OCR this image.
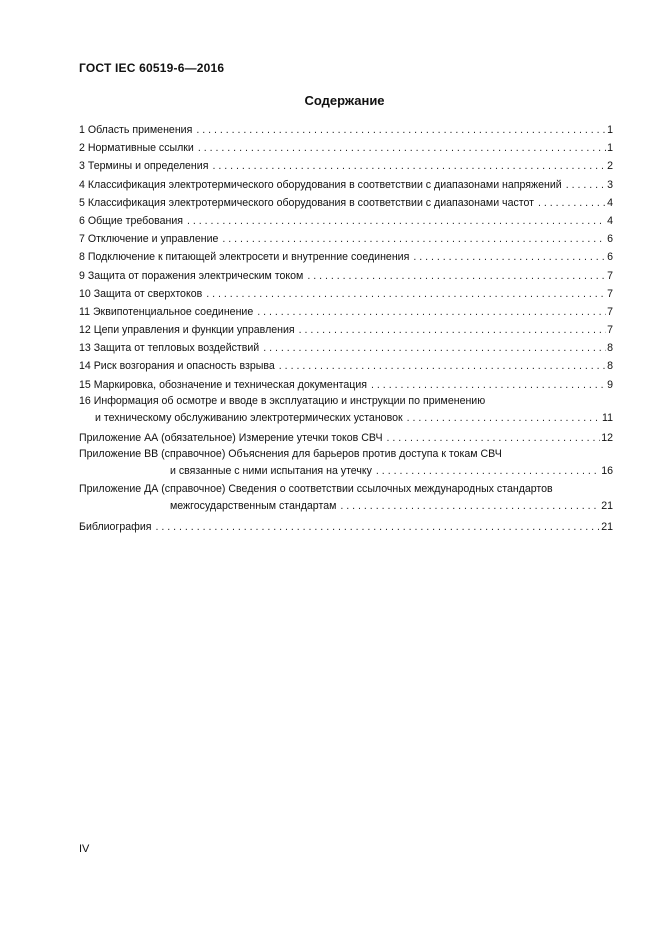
ГОСТ IEC 60519-6—2016
Содержание
1 Область применения . . .	1
2 Нормативные ссылки . . .	1
3 Термины и определения . . .	2
4 Классификация электротермического оборудования в соответствии с диапазонами напряжений . . .	3
5 Классификация электротермического оборудования в соответствии с диапазонами частот . . .	4
6 Общие требования . . .	4
7 Отключение и управление . . .	6
8 Подключение к питающей электросети и внутренние соединения . . .	6
9 Защита от поражения электрическим током . . .	7
10 Защита от сверхтоков . . .	7
11 Эквипотенциальное соединение . . .	7
12 Цепи управления и функции управления . . .	7
13 Защита от тепловых воздействий . . .	8
14 Риск возгорания и опасность взрыва . . .	8
15 Маркировка, обозначение и техническая документация . . .	9
16 Информация об осмотре и вводе в эксплуатацию и инструкции по применению
и техническому обслуживанию электротермических установок . . .	11
Приложение АА (обязательное) Измерение утечки токов СВЧ . . .	12
Приложение ВВ (справочное) Объяснения для барьеров против доступа к токам СВЧ
и связанные с ними испытания на утечку . . .	16
Приложение ДА (справочное) Сведения о соответствии ссылочных международных стандартов
межгосударственным стандартам . . .	21
Библиография . . .	21
IV
